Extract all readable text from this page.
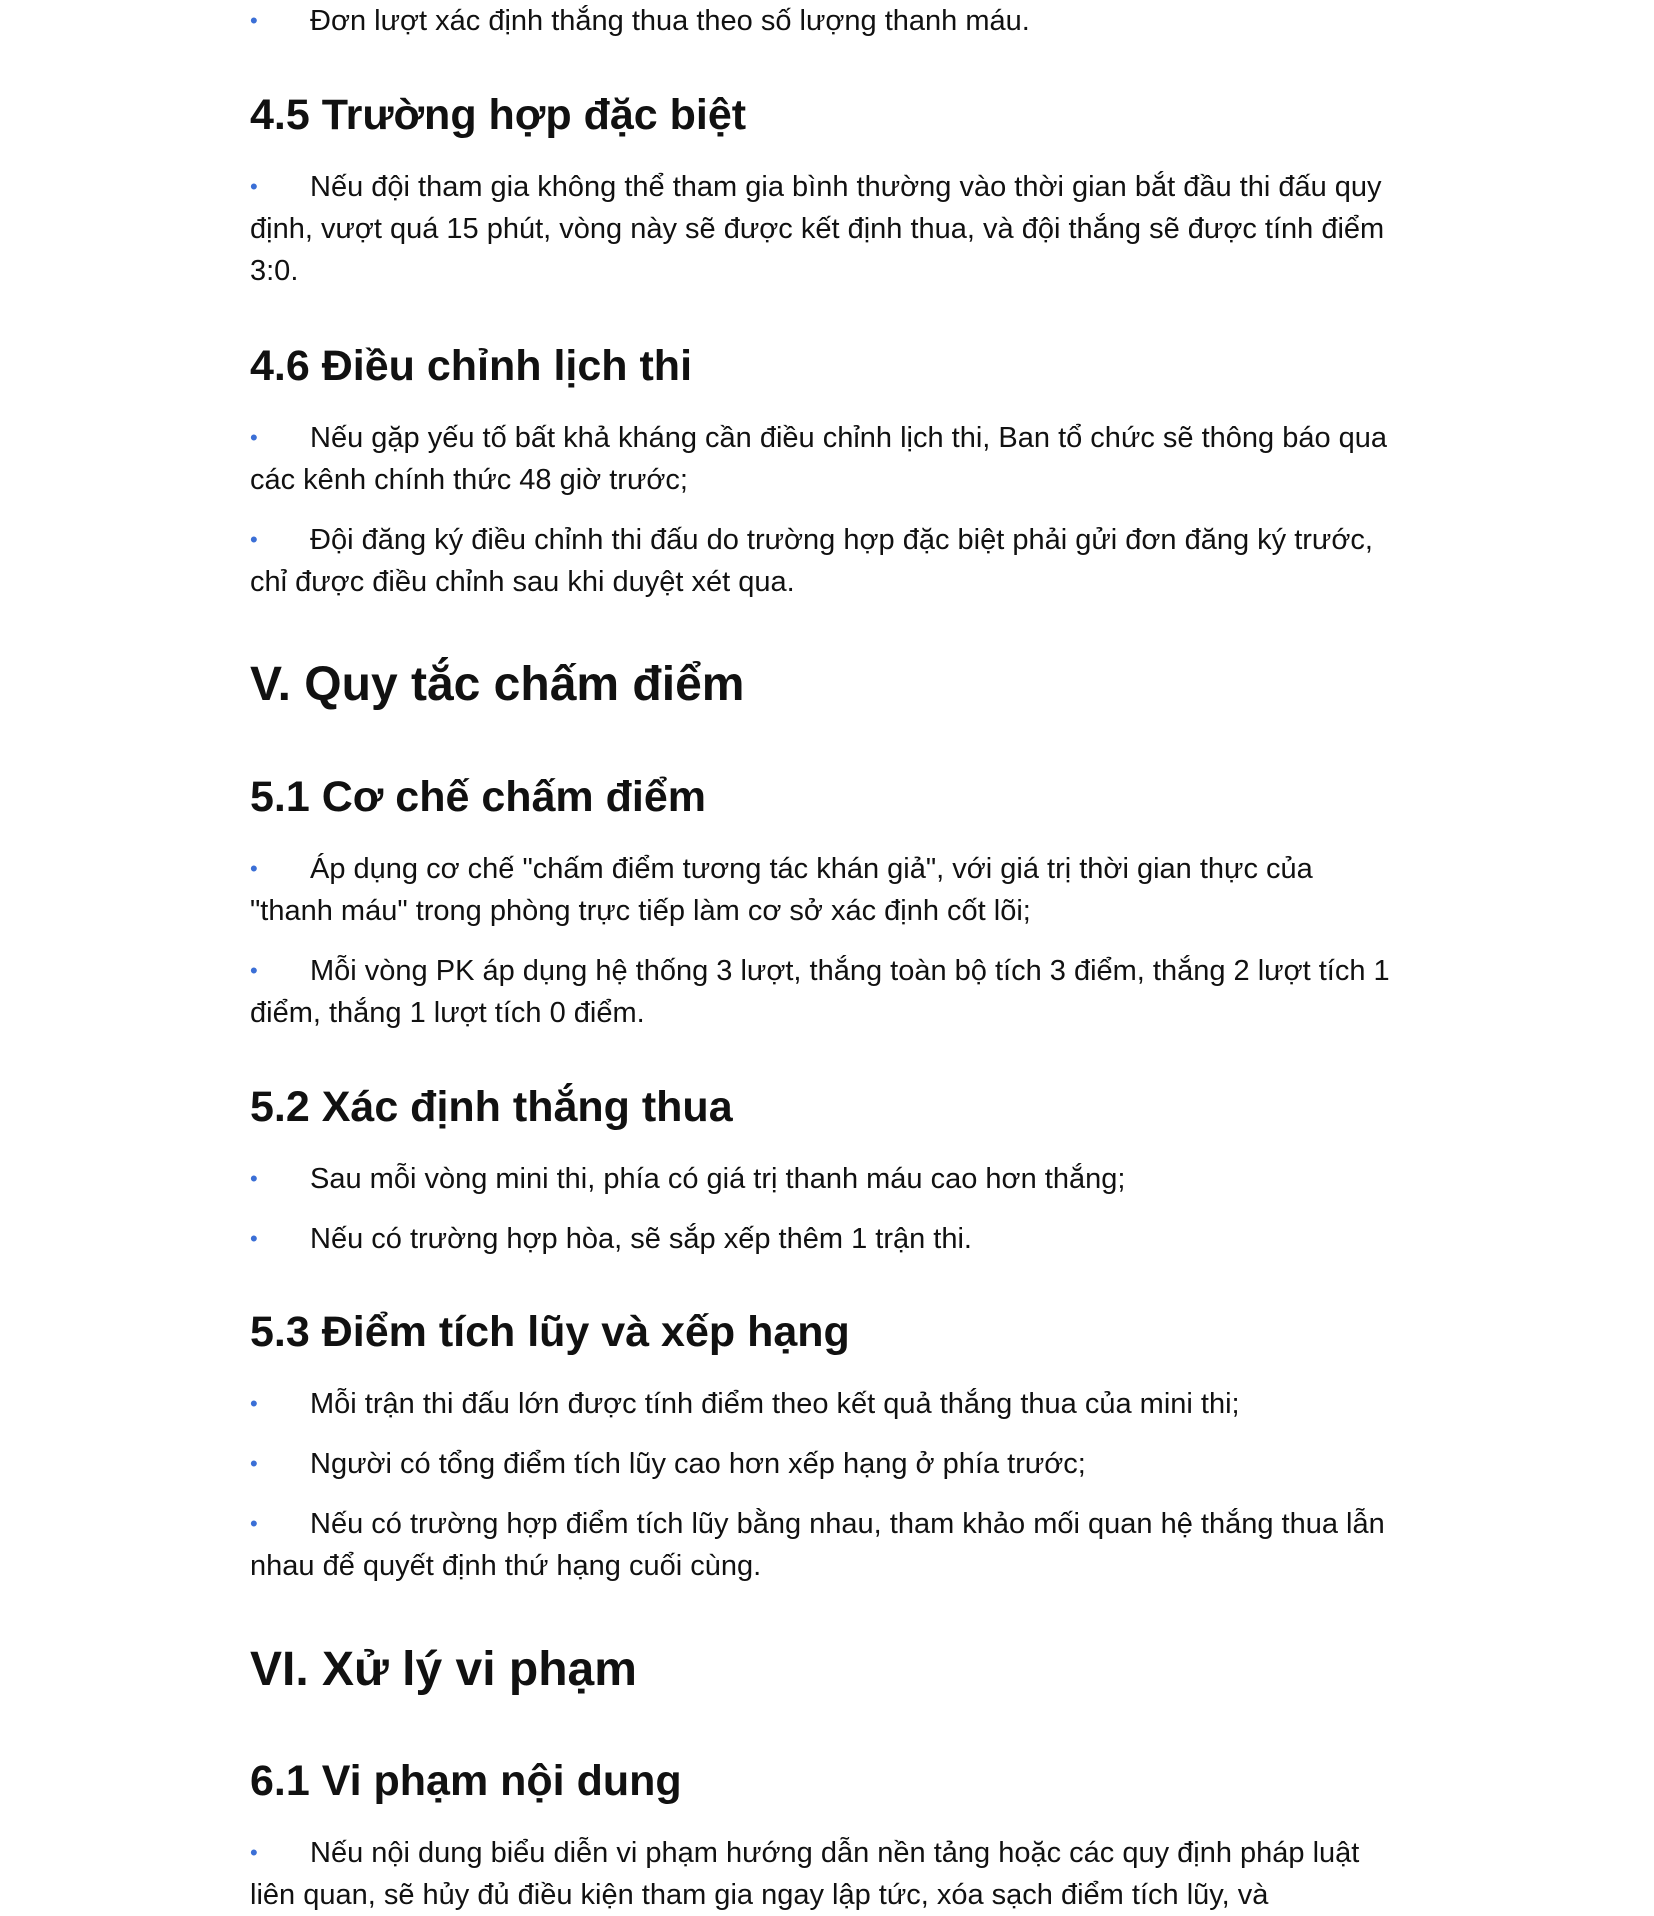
• Đơn lượt xác định thắng thua theo số lượng thanh máu.

4.5 Trường hợp đặc biệt

• Nếu đội tham gia không thể tham gia bình thường vào thời gian bắt đầu thi đấu quy định, vượt quá 15 phút, vòng này sẽ được kết định thua, và đội thắng sẽ được tính điểm 3:0.

4.6 Điều chỉnh lịch thi

• Nếu gặp yếu tố bất khả kháng cần điều chỉnh lịch thi, Ban tổ chức sẽ thông báo qua các kênh chính thức 48 giờ trước;

• Đội đăng ký điều chỉnh thi đấu do trường hợp đặc biệt phải gửi đơn đăng ký trước, chỉ được điều chỉnh sau khi duyệt xét qua.

V. Quy tắc chấm điểm
5.1 Cơ chế chấm điểm

• Áp dụng cơ chế "chấm điểm tương tác khán giả", với giá trị thời gian thực của "thanh máu" trong phòng trực tiếp làm cơ sở xác định cốt lõi;

• Mỗi vòng PK áp dụng hệ thống 3 lượt, thắng toàn bộ tích 3 điểm, thắng 2 lượt tích 1 điểm, thắng 1 lượt tích 0 điểm.

5.2 Xác định thắng thua

• Sau mỗi vòng mini thi, phía có giá trị thanh máu cao hơn thắng;

• Nếu có trường hợp hòa, sẽ sắp xếp thêm 1 trận thi.

5.3 Điểm tích lũy và xếp hạng

• Mỗi trận thi đấu lớn được tính điểm theo kết quả thắng thua của mini thi;

• Người có tổng điểm tích lũy cao hơn xếp hạng ở phía trước;

• Nếu có trường hợp điểm tích lũy bằng nhau, tham khảo mối quan hệ thắng thua lẫn nhau để quyết định thứ hạng cuối cùng.

VI. Xử lý vi phạm
6.1 Vi phạm nội dung

• Nếu nội dung biểu diễn vi phạm hướng dẫn nền tảng hoặc các quy định pháp luật liên quan, sẽ hủy đủ điều kiện tham gia ngay lập tức, xóa sạch điểm tích lũy, và
